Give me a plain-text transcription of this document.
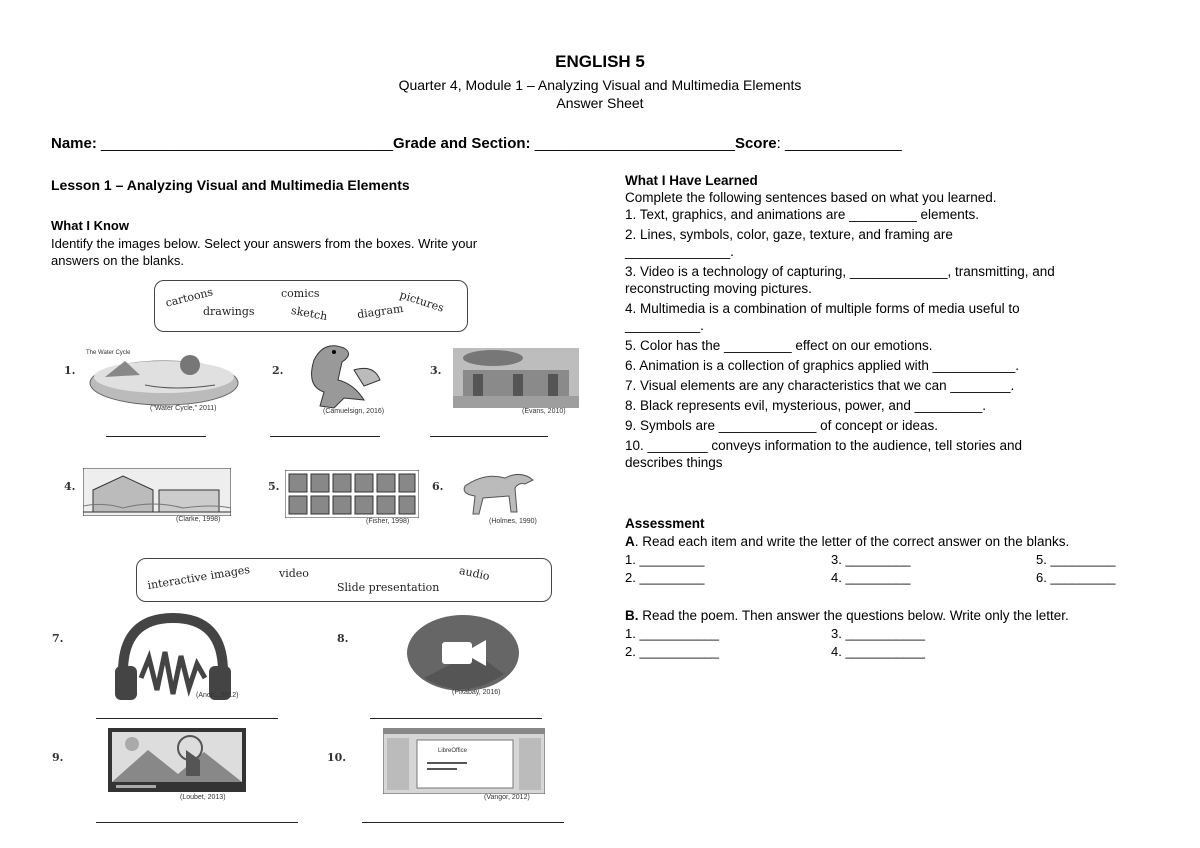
ENGLISH 5
Quarter 4, Module 1 – Analyzing Visual and Multimedia Elements
Answer Sheet
Name: ___________________________________Grade and Section: ________________________Score: ______________
Lesson 1 – Analyzing Visual and Multimedia Elements
What I Know
Identify the images below. Select your answers from the boxes. Write your
answers on the blanks.
cartoons	comics	pictures
drawings	sketch	diagram
1.
The Water Cycle
("Water Cycle," 2011)
2.
(Camuelsign, 2016)
3.
(Evans, 2010)
4.
(Clarke, 1998)
5.
(Fisher, 1998)
6.
(Holmes, 1990)
interactive images	video	audio
Slide presentation
7.
(Anon., 2012)
8.
(Pixabay, 2016)
9.
(Loubet, 2013)
10.	LibreOffice
(Vangor, 2012)

What I Have Learned

Complete the following sentences based on what you learned.

1. Text, graphics, and animations are _________ elements.

2. Lines, symbols, color, gaze, texture, and framing are

______________.

3. Video is a technology of capturing, _____________, transmitting, and

reconstructing moving pictures.

4. Multimedia is a combination of multiple forms of media useful to

__________.

5. Color has the _________ effect on our emotions.

6. Animation is a collection of graphics applied with ___________.

7. Visual elements are any characteristics that we can ________.

8. Black represents evil, mysterious, power, and _________.

9. Symbols are _____________ of concept or ideas.

10. ________ conveys information to the audience, tell stories and

describes things

Assessment
A. Read each item and write the letter of the correct answer on the blanks.
1. _________	3. _________	5. _________
2. _________	4. _________	6. _________
B. Read the poem. Then answer the questions below. Write only the letter.
1. ___________	3. ___________
2. ___________	4. ___________
